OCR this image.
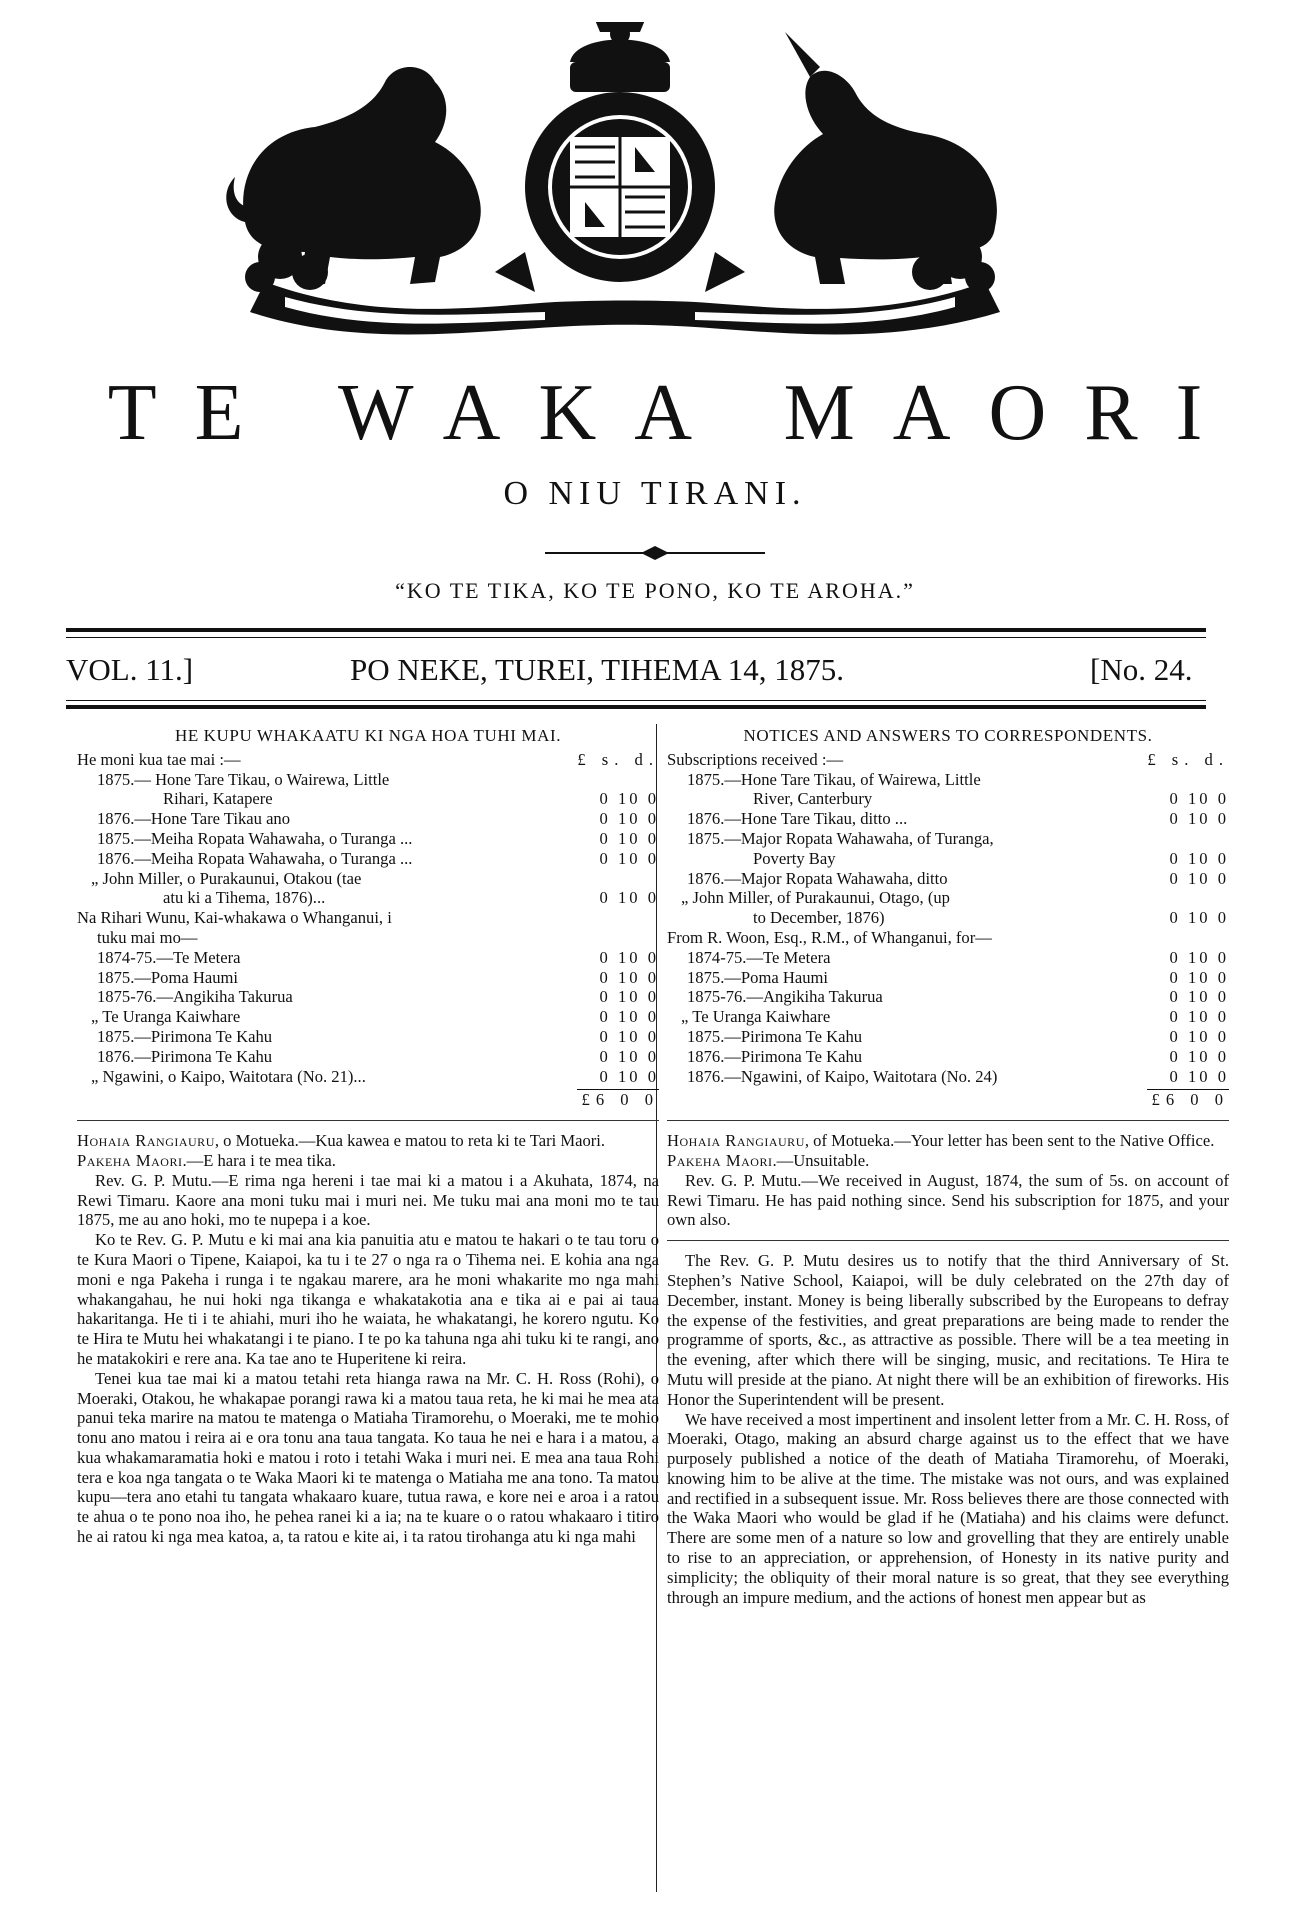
TE WAKA MAORI
O NIU TIRANI.
“KO TE TIKA, KO TE PONO, KO TE AROHA.”
VOL. 11.]	PO NEKE, TUREI, TIHEMA 14, 1875.	[No. 24.
HE KUPU WHAKAATU KI NGA HOA TUHI MAI.
He moni kua tae mai :—	£ s. d.
1875.— Hone Tare Tikau, o Wairewa, Little
Rihari, Katapere	0 10 0
1876.—Hone Tare Tikau ano	0 10 0
1875.—Meiha Ropata Wahawaha, o Turanga ...	0 10 0
1876.—Meiha Ropata Wahawaha, o Turanga ...	0 10 0
„ John Miller, o Purakaunui, Otakou (tae
atu ki a Tihema, 1876)...	0 10 0
Na Rihari Wunu, Kai-whakawa o Whanganui, i
tuku mai mo—
1874-75.—Te Metera	0 10 0
1875.—Poma Haumi	0 10 0
1875-76.—Angikiha Takurua	0 10 0
„ Te Uranga Kaiwhare	0 10 0
1875.—Pirimona Te Kahu	0 10 0
1876.—Pirimona Te Kahu	0 10 0
„ Ngawini, o Kaipo, Waitotara (No. 21)...	0 10 0
£6 0 0

Hohaia Rangiauru, o Motueka.—Kua kawea e matou to reta ki te Tari Maori.

Pakeha Maori.—E hara i te mea tika.

Rev. G. P. Mutu.—E rima nga hereni i tae mai ki a matou i a Akuhata, 1874, na Rewi Timaru. Kaore ana moni tuku mai i muri nei. Me tuku mai ana moni mo te tau 1875, me au ano hoki, mo te nupepa i a koe.

Ko te Rev. G. P. Mutu e ki mai ana kia panuitia atu e matou te hakari o te tau toru o te Kura Maori o Tipene, Kaiapoi, ka tu i te 27 o nga ra o Tihema nei. E kohia ana nga moni e nga Pakeha i runga i te ngakau marere, ara he moni whakarite mo nga mahi whakangahau, he nui hoki nga tikanga e whakatakotia ana e tika ai e pai ai taua hakaritanga. He ti i te ahiahi, muri iho he waiata, he whakatangi, he korero ngutu. Ko te Hira te Mutu hei whakatangi i te piano. I te po ka tahuna nga ahi tuku ki te rangi, ano he matakokiri e rere ana. Ka tae ano te Huperitene ki reira.

Tenei kua tae mai ki a matou tetahi reta hianga rawa na Mr. C. H. Ross (Rohi), o Moeraki, Otakou, he whakapae porangi rawa ki a matou taua reta, he ki mai he mea ata panui teka marire na matou te matenga o Matiaha Tiramorehu, o Moeraki, me te mohio tonu ano matou i reira ai e ora tonu ana taua tangata. Ko taua he nei e hara i a matou, a kua whakamaramatia hoki e matou i roto i tetahi Waka i muri nei. E mea ana taua Rohi tera e koa nga tangata o te Waka Maori ki te matenga o Matiaha me ana tono. Ta matou kupu—tera ano etahi tu tangata whakaaro kuare, tutua rawa, e kore nei e aroa i a ratou te ahua o te pono noa iho, he pehea ranei ki a ia; na te kuare o o ratou whakaaro i titiro he ai ratou ki nga mea katoa, a, ta ratou e kite ai, i ta ratou tirohanga atu ki nga mahi

NOTICES AND ANSWERS TO CORRESPONDENTS.
Subscriptions received :—	£ s. d.
1875.—Hone Tare Tikau, of Wairewa, Little
River, Canterbury	0 10 0
1876.—Hone Tare Tikau, ditto ...	0 10 0
1875.—Major Ropata Wahawaha, of Turanga,
Poverty Bay	0 10 0
1876.—Major Ropata Wahawaha, ditto	0 10 0
„ John Miller, of Purakaunui, Otago, (up
to December, 1876)	0 10 0
From R. Woon, Esq., R.M., of Whanganui, for—
1874-75.—Te Metera	0 10 0
1875.—Poma Haumi	0 10 0
1875-76.—Angikiha Takurua	0 10 0
„ Te Uranga Kaiwhare	0 10 0
1875.—Pirimona Te Kahu	0 10 0
1876.—Pirimona Te Kahu	0 10 0
1876.—Ngawini, of Kaipo, Waitotara (No. 24)	0 10 0
£6 0 0

Hohaia Rangiauru, of Motueka.—Your letter has been sent to the Native Office.

Pakeha Maori.—Unsuitable.

Rev. G. P. Mutu.—We received in August, 1874, the sum of 5s. on account of Rewi Timaru. He has paid nothing since. Send his subscription for 1875, and your own also.

The Rev. G. P. Mutu desires us to notify that the third Anniversary of St. Stephen’s Native School, Kaiapoi, will be duly celebrated on the 27th day of December, instant. Money is being liberally subscribed by the Europeans to defray the expense of the festivities, and great preparations are being made to render the programme of sports, &c., as attractive as possible. There will be a tea meeting in the evening, after which there will be singing, music, and recitations. Te Hira te Mutu will preside at the piano. At night there will be an exhibition of fireworks. His Honor the Superintendent will be present.

We have received a most impertinent and insolent letter from a Mr. C. H. Ross, of Moeraki, Otago, making an absurd charge against us to the effect that we have purposely published a notice of the death of Matiaha Tiramorehu, of Moeraki, knowing him to be alive at the time. The mistake was not ours, and was explained and rectified in a subsequent issue. Mr. Ross believes there are those connected with the Waka Maori who would be glad if he (Matiaha) and his claims were defunct. There are some men of a nature so low and grovelling that they are entirely unable to rise to an appreciation, or apprehension, of Honesty in its native purity and simplicity; the obliquity of their moral nature is so great, that they see everything through an impure medium, and the actions of honest men appear but as
